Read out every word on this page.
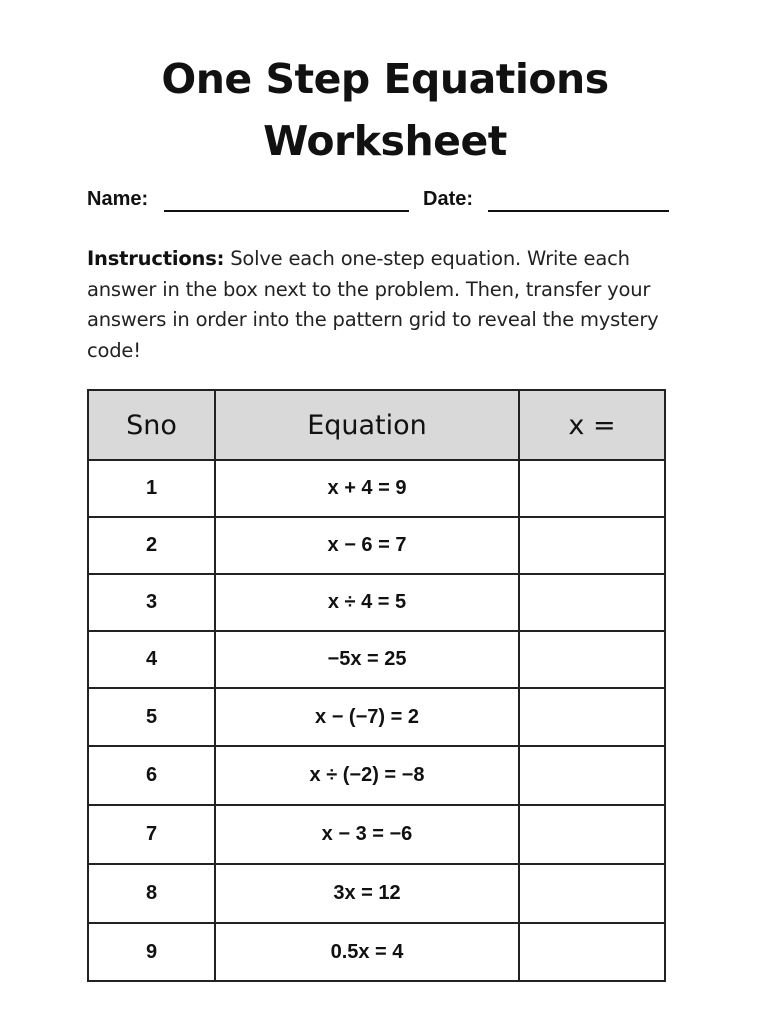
One Step Equations
Worksheet
Name:	Date:
Instructions: Solve each one-step equation. Write each answer in the box next to the problem. Then, transfer your answers in order into the pattern grid to reveal the mystery code!
Sno	Equation	x =
1	x + 4 = 9	
2	x − 6 = 7	
3	x ÷ 4 = 5	
4	−5x = 25	
5	x − (−7) = 2	
6	x ÷ (−2) = −8	
7	x − 3 = −6	
8	3x = 12	
9	0.5x = 4	
